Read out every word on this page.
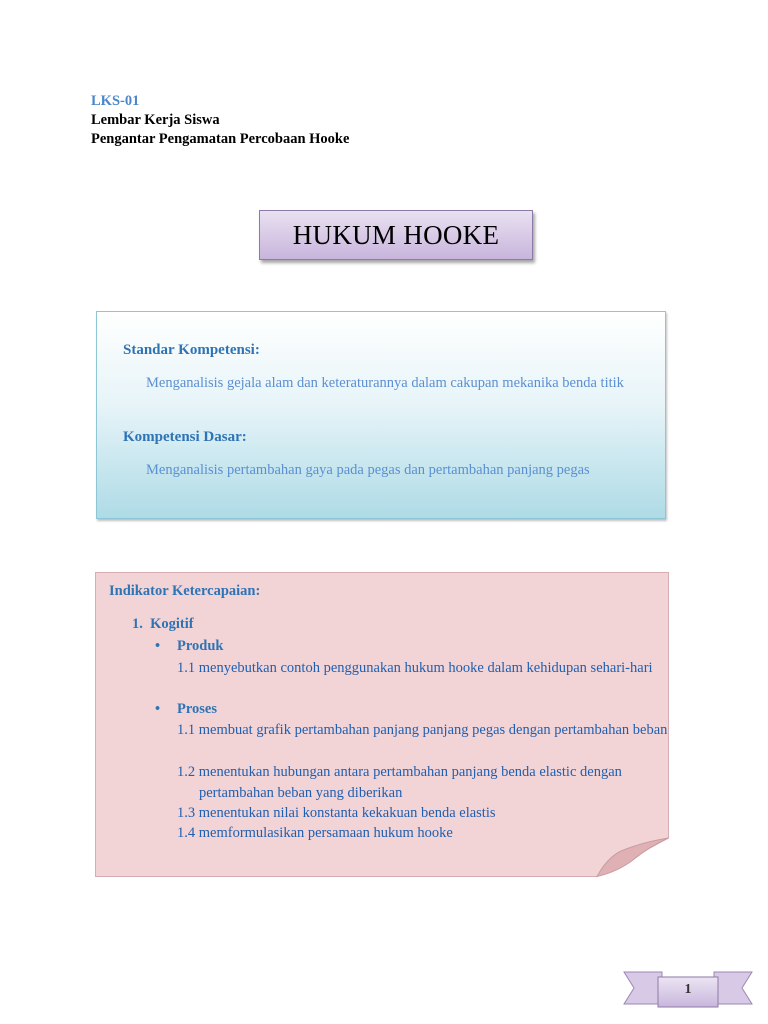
LKS-01
Lembar Kerja Siswa
Pengantar Pengamatan Percobaan Hooke
HUKUM HOOKE
Standar Kompetensi:
Menganalisis gejala alam dan keteraturannya dalam cakupan mekanika benda titik
Kompetensi Dasar:
Menganalisis pertambahan gaya pada pegas dan pertambahan panjang pegas
Indikator Ketercapaian:
1. Kogitif
• Produk
1.1 menyebutkan contoh penggunakan hukum hooke dalam kehidupan sehari-hari
• Proses
1.1 membuat grafik pertambahan panjang panjang pegas dengan pertambahan beban
1.2 menentukan hubungan antara pertambahan panjang benda elastic dengan pertambahan beban yang diberikan
1.3 menentukan nilai konstanta kekakuan benda elastis
1.4 memformulasikan persamaan hukum hooke
1
